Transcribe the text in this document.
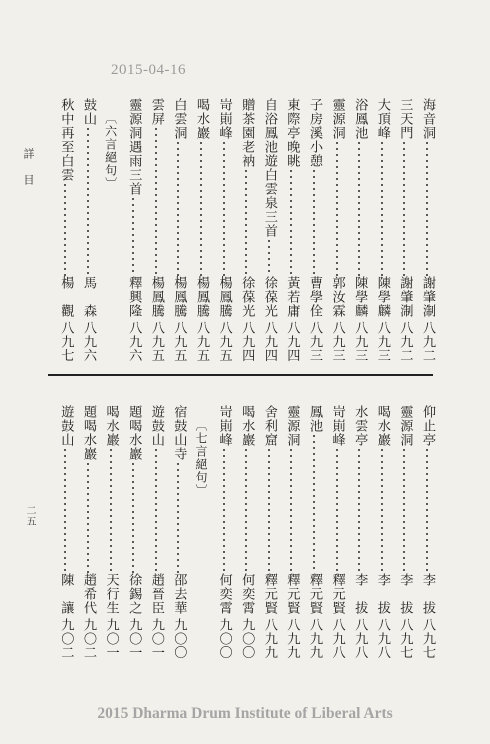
2015-04-16
詳　目
二五
海音洞
謝肇淛
八九二
三天門
謝肇淛
八九二
大頂峰
陳學麟
八九三
浴鳳池
陳學麟
八九三
靈源洞
郭汝霖
八九三
子房溪小憩
曹學佺
八九三
東際亭晚眺
黃若庸
八九四
自浴鳳池遊白雲泉三首
徐葆光
八九四
贈茶園老衲
徐葆光
八九四
岢崱峰
楊鳳騰
八九五
喝水巖
楊鳳騰
八九五
白雲洞
楊鳳騰
八九五
雲屏
楊鳳騰
八九五
靈源洞遇雨三首
釋興隆
八九六
〔六言絕句〕
鼓山
馬　森
八九六
秋中再至白雲
楊　觀
八九七
仰止亭
李　拔
八九七
靈源洞
李　拔
八九七
喝水巖
李　拔
八九八
水雲亭
李　拔
八九八
岢崱峰
釋元賢
八九八
鳳池
釋元賢
八九九
靈源洞
釋元賢
八九九
舍利窟
釋元賢
八九九
喝水巖
何奕霄
九〇〇
岢崱峰
何奕霄
九〇〇
〔七言絕句〕
宿鼓山寺
邵去華
九〇〇
遊鼓山
趙晉臣
九〇一
題喝水巖
徐錫之
九〇一
喝水巖
天行生
九〇一
題喝水巖
趙希代
九〇二
遊鼓山
陳　讓
九〇二
2015 Dharma Drum Institute of Liberal Arts
